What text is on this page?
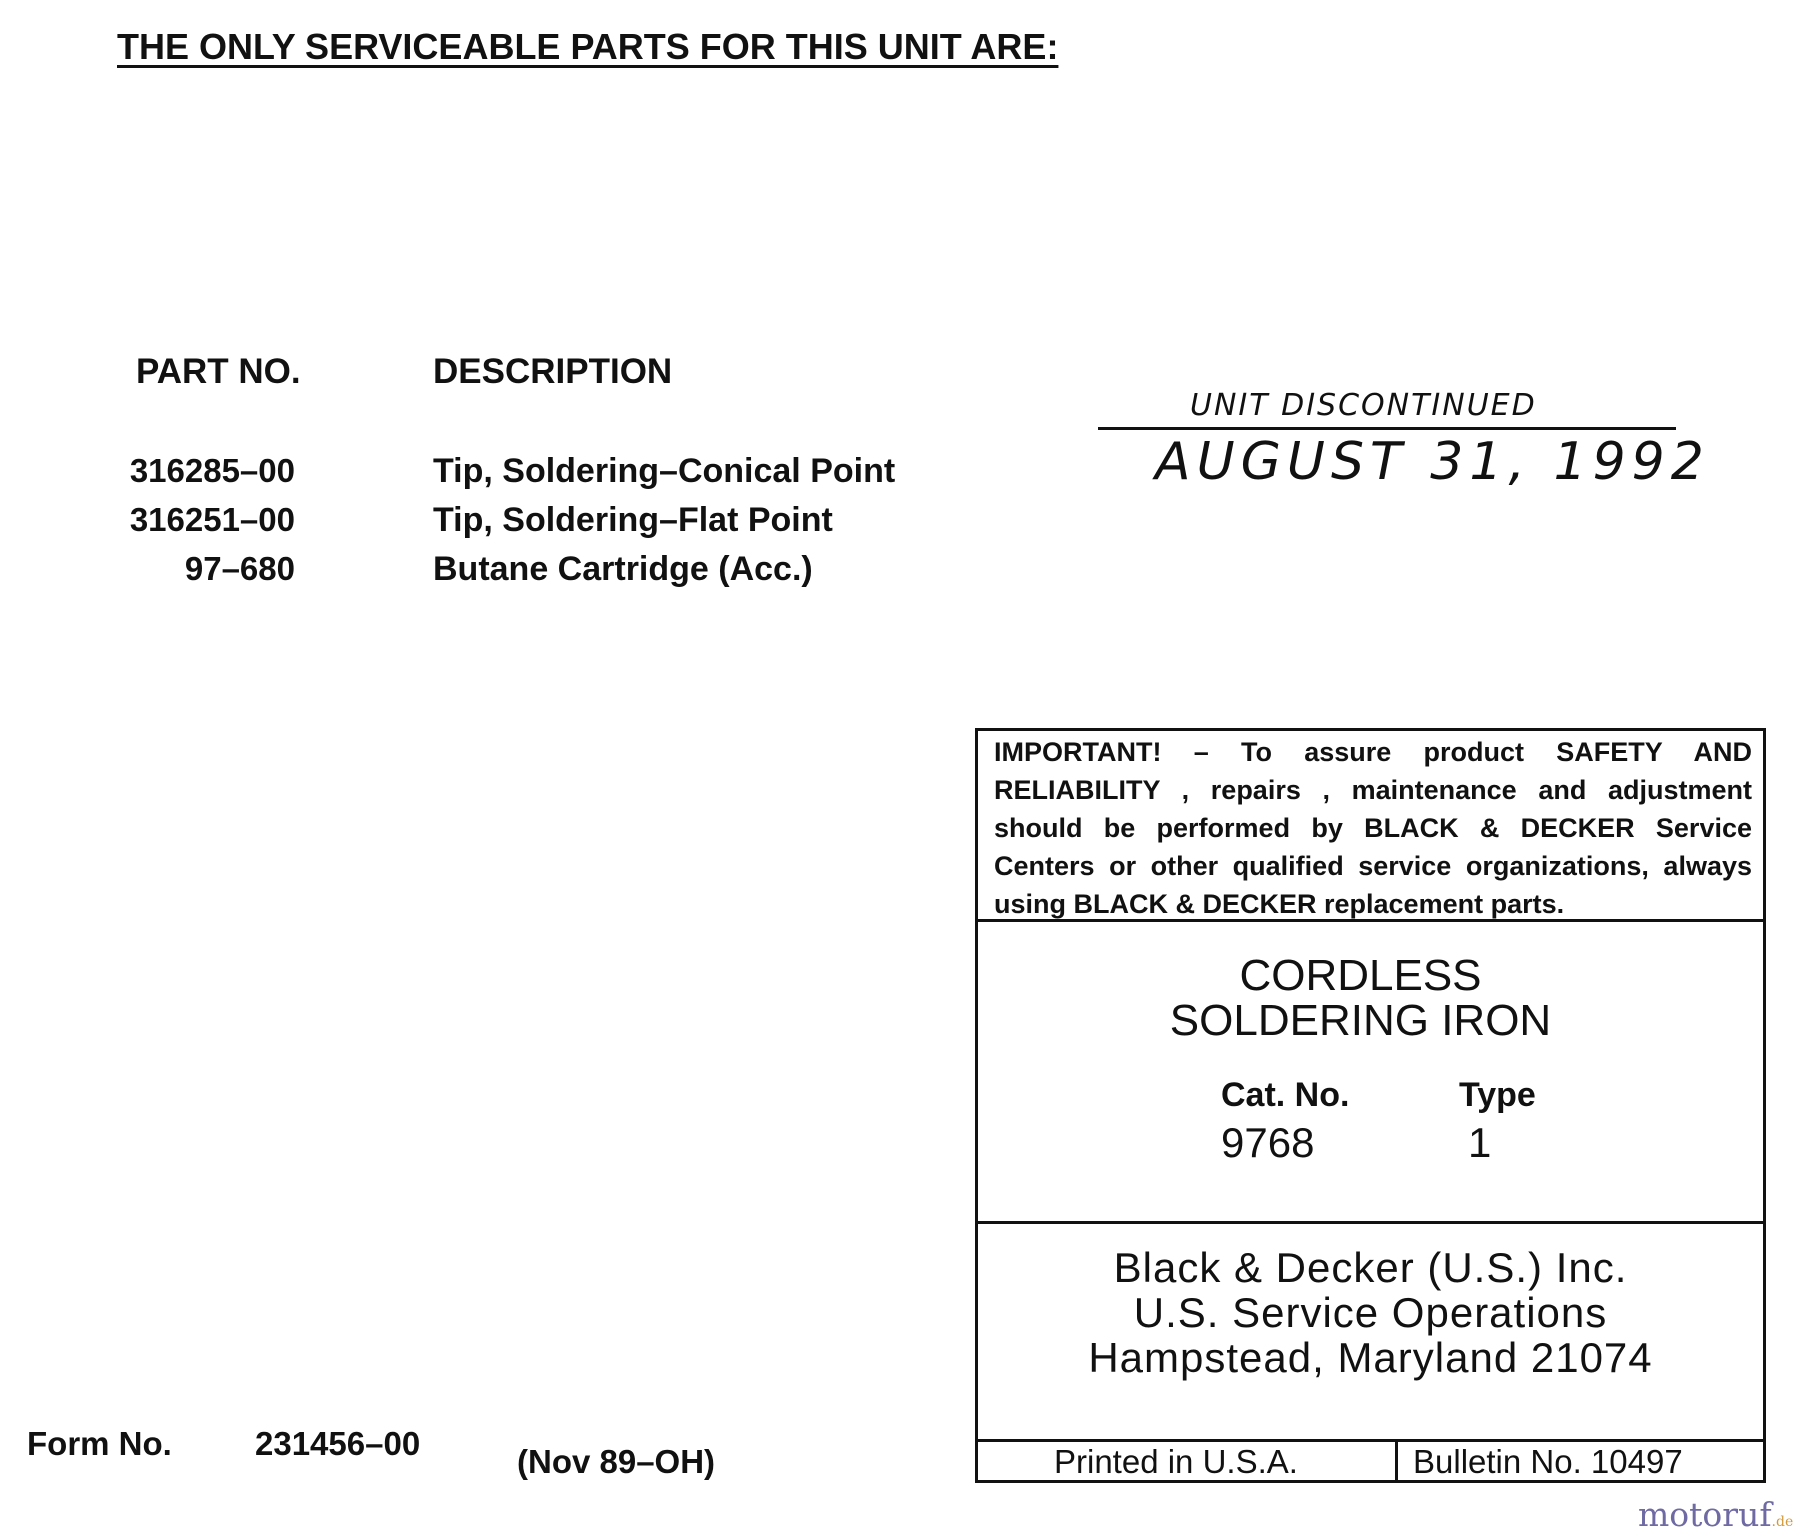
THE ONLY SERVICEABLE PARTS FOR THIS UNIT ARE:
PART NO.	DESCRIPTION
316285–00	Tip, Soldering–Conical Point
316251–00	Tip, Soldering–Flat Point
97–680	Butane Cartridge (Acc.)
UNIT DISCONTINUED
AUGUST 31, 1992
IMPORTANT! – To assure product SAFETY AND
RELIABILITY , repairs , maintenance and adjustment
should be performed by BLACK & DECKER Service
Centers or other qualified service organizations, always
using BLACK & DECKER replacement parts.
CORDLESS
SOLDERING IRON
Cat. No.	Type
9768	1
Black & Decker (U.S.) Inc.
U.S. Service Operations
Hampstead, Maryland 21074
Printed in U.S.A.	Bulletin No. 10497
Form No.	231456–00	(Nov 89–OH)
motoruf.de
